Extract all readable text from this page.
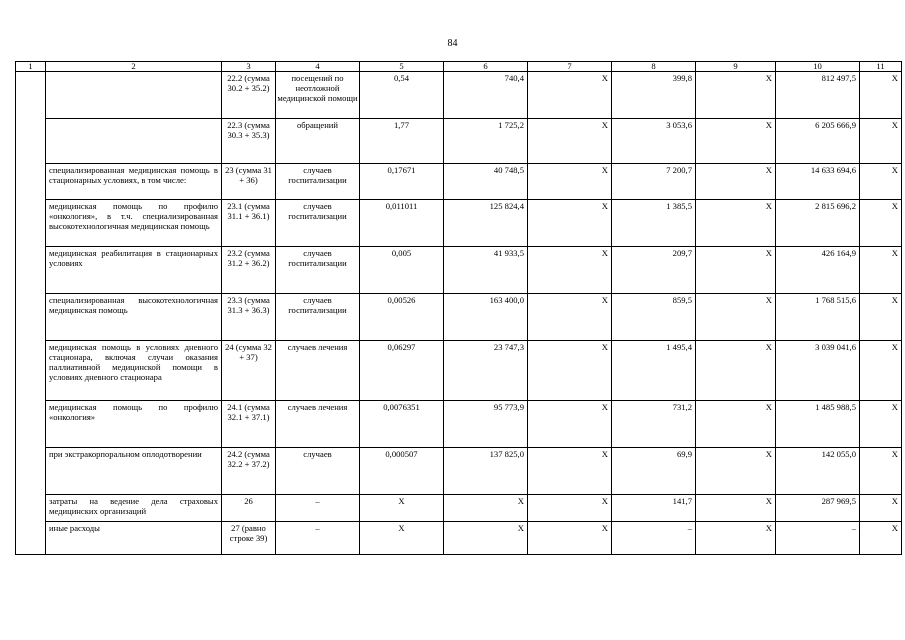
84
1	2	3	4	5	6	7	8	9	10	11
		22.2 (сумма 30.2 + 35.2)	посещений по неотложной медицинской помощи	0,54	740,4	X	399,8	X	812 497,5	X
		22.3 (сумма 30.3 + 35.3)	обращений	1,77	1 725,2	X	3 053,6	X	6 205 666,9	X
	специализированная медицинская помощь в стационарных условиях, в том числе:	23 (сумма 31 + 36)	случаев госпитализации	0,17671	40 748,5	X	7 200,7	X	14 633 694,6	X
	медицинская помощь по профилю «онкология», в т.ч. специализированная высокотехнологичная медицинская помощь	23.1 (сумма 31.1 + 36.1)	случаев госпитализации	0,011011	125 824,4	X	1 385,5	X	2 815 696,2	X
	медицинская реабилитация в стационарных условиях	23.2 (сумма 31.2 + 36.2)	случаев госпитализации	0,005	41 933,5	X	209,7	X	426 164,9	X
	специализированная высокотехнологичная медицинская помощь	23.3 (сумма 31.3 + 36.3)	случаев госпитализации	0,00526	163 400,0	X	859,5	X	1 768 515,6	X
	медицинская помощь в условиях дневного стационара, включая случаи оказания паллиативной медицинской помощи в условиях дневного стационара	24 (сумма 32 + 37)	случаев лечения	0,06297	23 747,3	X	1 495,4	X	3 039 041,6	X
	медицинская помощь по профилю «онкология»	24.1 (сумма 32.1 + 37.1)	случаев лечения	0,0076351	95 773,9	X	731,2	X	1 485 988,5	X
	при экстракорпоральном оплодотворении	24.2 (сумма 32.2 + 37.2)	случаев	0,000507	137 825,0	X	69,9	X	142 055,0	X
	затраты на ведение дела страховых медицинских организаций	26	–	X	X	X	141,7	X	287 969,5	X
	иные расходы	27 (равно строке 39)	–	X	X	X	–	X	–	X
